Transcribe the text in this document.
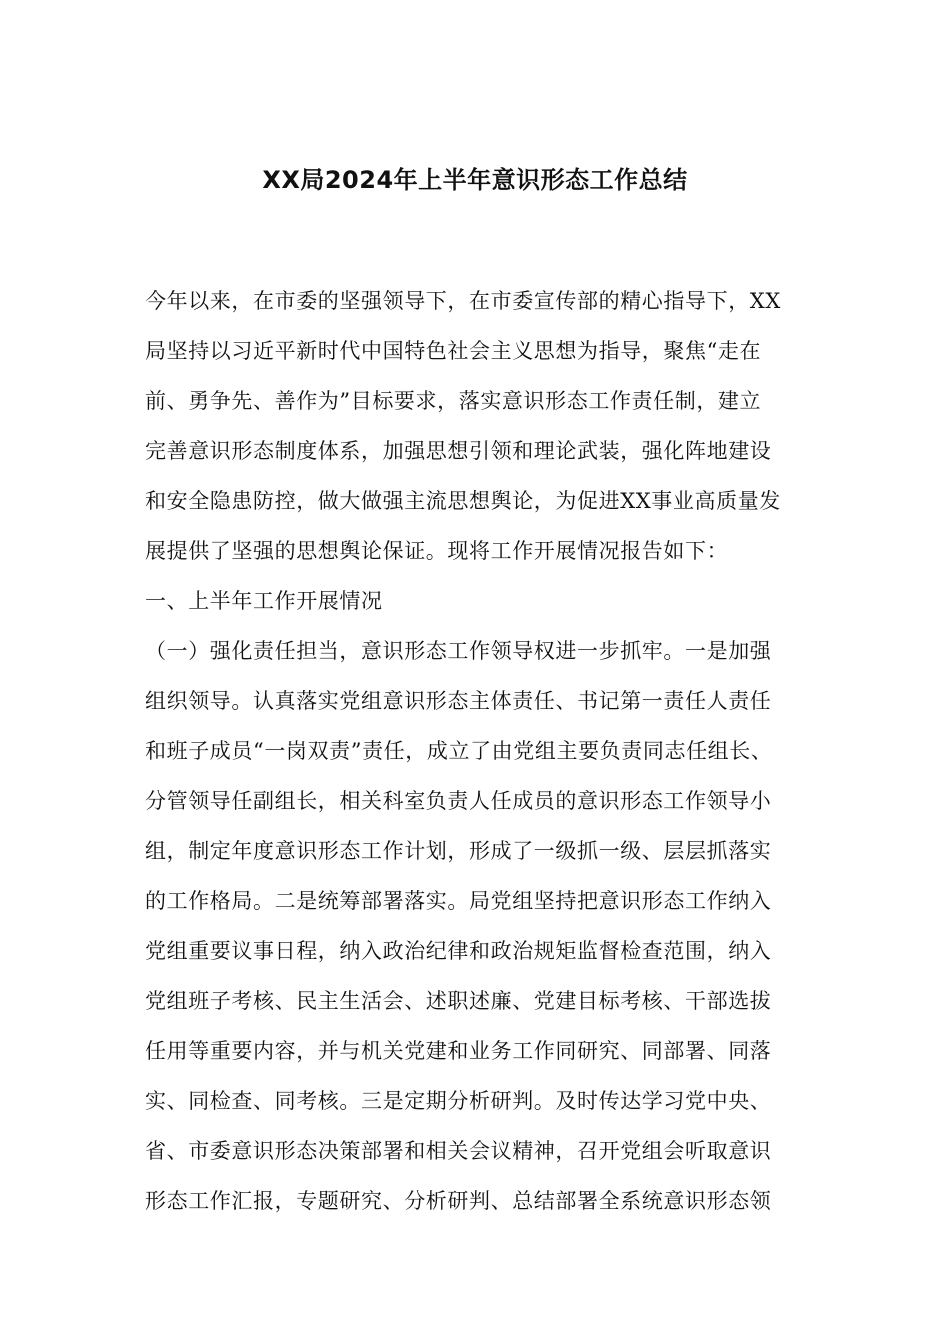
XX局2024年上半年意识形态工作总结
今年以来，在市委的坚强领导下，在市委宣传部的精心指导下，XX
局坚持以习近平新时代中国特色社会主义思想为指导，聚焦“走在
前、勇争先、善作为”目标要求，落实意识形态工作责任制，建立
完善意识形态制度体系，加强思想引领和理论武装，强化阵地建设
和安全隐患防控，做大做强主流思想舆论，为促进XX事业高质量发
展提供了坚强的思想舆论保证。现将工作开展情况报告如下：
一、上半年工作开展情况
（一）强化责任担当，意识形态工作领导权进一步抓牢。一是加强
组织领导。认真落实党组意识形态主体责任、书记第一责任人责任
和班子成员“一岗双责”责任，成立了由党组主要负责同志任组长、
分管领导任副组长，相关科室负责人任成员的意识形态工作领导小
组，制定年度意识形态工作计划，形成了一级抓一级、层层抓落实
的工作格局。二是统筹部署落实。局党组坚持把意识形态工作纳入
党组重要议事日程，纳入政治纪律和政治规矩监督检查范围，纳入
党组班子考核、民主生活会、述职述廉、党建目标考核、干部选拔
任用等重要内容，并与机关党建和业务工作同研究、同部署、同落
实、同检查、同考核。三是定期分析研判。及时传达学习党中央、
省、市委意识形态决策部署和相关会议精神，召开党组会听取意识
形态工作汇报，专题研究、分析研判、总结部署全系统意识形态领
